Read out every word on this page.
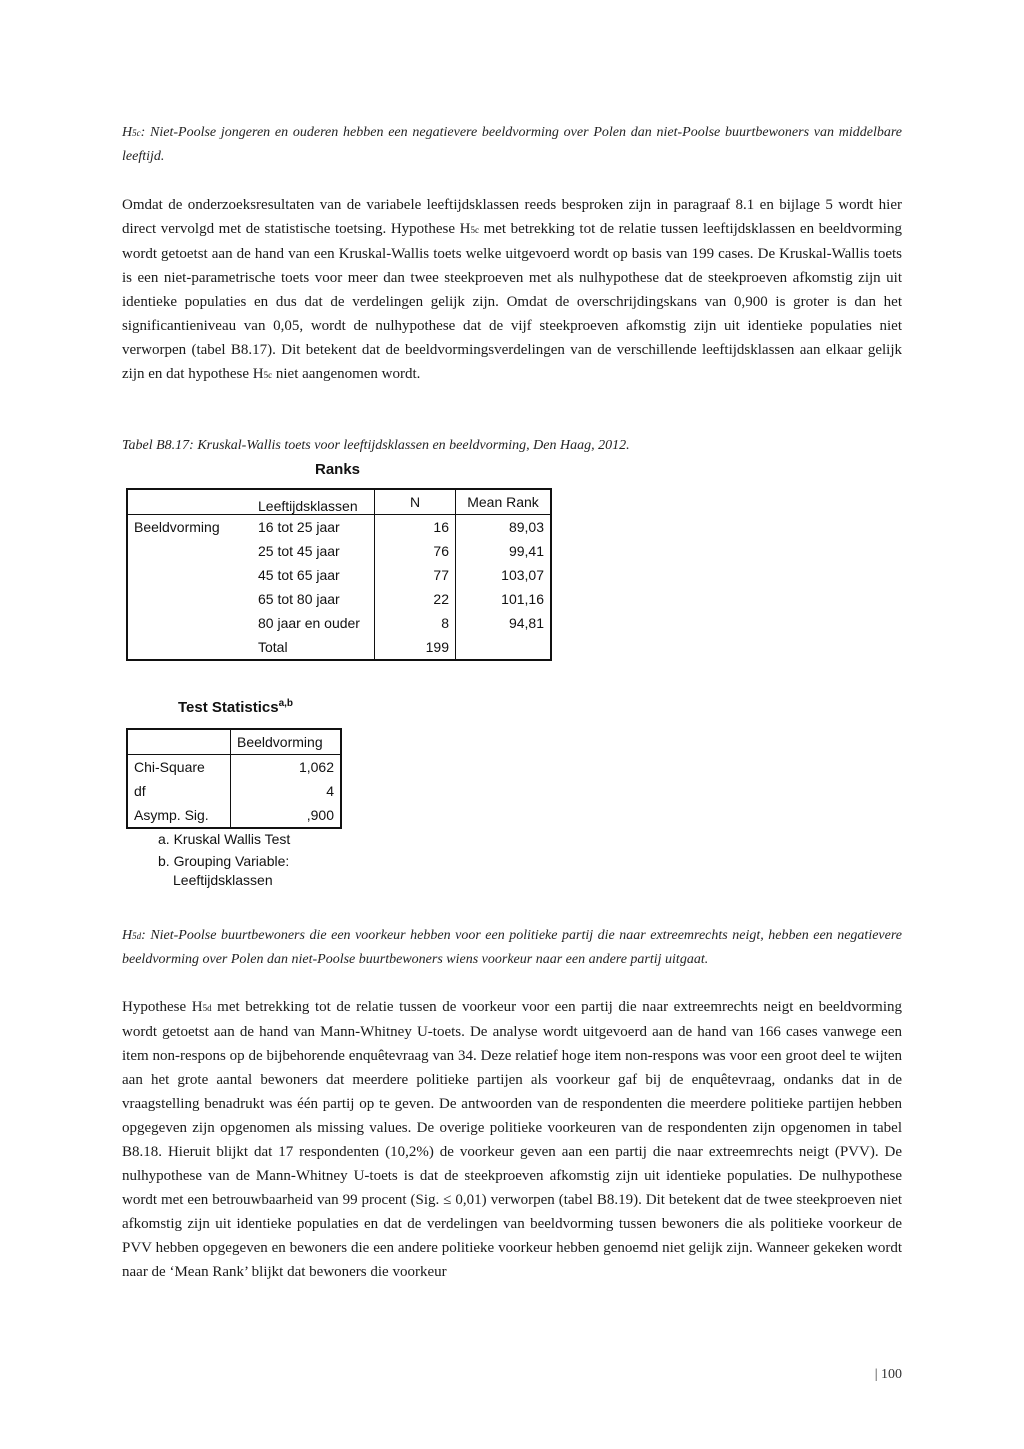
H5c: Niet-Poolse jongeren en ouderen hebben een negatievere beeldvorming over Polen dan niet-Poolse buurtbewoners van middelbare leeftijd.
Omdat de onderzoeksresultaten van de variabele leeftijdsklassen reeds besproken zijn in paragraaf 8.1 en bijlage 5 wordt hier direct vervolgd met de statistische toetsing. Hypothese H5c met betrekking tot de relatie tussen leeftijdsklassen en beeldvorming wordt getoetst aan de hand van een Kruskal-Wallis toets welke uitgevoerd wordt op basis van 199 cases. De Kruskal-Wallis toets is een niet-parametrische toets voor meer dan twee steekproeven met als nulhypothese dat de steekproeven afkomstig zijn uit identieke populaties en dus dat de verdelingen gelijk zijn. Omdat de overschrijdingskans van 0,900 is groter is dan het significantieniveau van 0,05, wordt de nulhypothese dat de vijf steekproeven afkomstig zijn uit identieke populaties niet verworpen (tabel B8.17). Dit betekent dat de beeldvormingsverdelingen van de verschillende leeftijdsklassen aan elkaar gelijk zijn en dat hypothese H5c niet aangenomen wordt.
Tabel B8.17: Kruskal-Wallis toets voor leeftijdsklassen en beeldvorming, Den Haag, 2012.
Ranks
	Leeftijdsklassen	N	Mean Rank
Beeldvorming	16 tot 25 jaar	16	89,03
	25 tot 45 jaar	76	99,41
	45 tot 65 jaar	77	103,07
	65 tot 80 jaar	22	101,16
	80 jaar en ouder	8	94,81
	Total	199	
Test Statistics$^{a,b}$
	Beeldvorming
Chi-Square	1,062
df	4
Asymp. Sig.	,900
a. Kruskal Wallis Test
b. Grouping Variable:
Leeftijdsklassen
H5d: Niet-Poolse buurtbewoners die een voorkeur hebben voor een politieke partij die naar extreemrechts neigt, hebben een negatievere beeldvorming over Polen dan niet-Poolse buurtbewoners wiens voorkeur naar een andere partij uitgaat.
Hypothese H5d met betrekking tot de relatie tussen de voorkeur voor een partij die naar extreemrechts neigt en beeldvorming wordt getoetst aan de hand van Mann-Whitney U-toets. De analyse wordt uitgevoerd aan de hand van 166 cases vanwege een item non-respons op de bijbehorende enquêtevraag van 34. Deze relatief hoge item non-respons was voor een groot deel te wijten aan het grote aantal bewoners dat meerdere politieke partijen als voorkeur gaf bij de enquêtevraag, ondanks dat in de vraagstelling benadrukt was één partij op te geven. De antwoorden van de respondenten die meerdere politieke partijen hebben opgegeven zijn opgenomen als missing values. De overige politieke voorkeuren van de respondenten zijn opgenomen in tabel B8.18. Hieruit blijkt dat 17 respondenten (10,2%) de voorkeur geven aan een partij die naar extreemrechts neigt (PVV). De nulhypothese van de Mann-Whitney U-toets is dat de steekproeven afkomstig zijn uit identieke populaties. De nulhypothese wordt met een betrouwbaarheid van 99 procent (Sig. ≤ 0,01) verworpen (tabel B8.19). Dit betekent dat de twee steekproeven niet afkomstig zijn uit identieke populaties en dat de verdelingen van beeldvorming tussen bewoners die als politieke voorkeur de PVV hebben opgegeven en bewoners die een andere politieke voorkeur hebben genoemd niet gelijk zijn. Wanneer gekeken wordt naar de ‘Mean Rank’ blijkt dat bewoners die voorkeur
| 100
